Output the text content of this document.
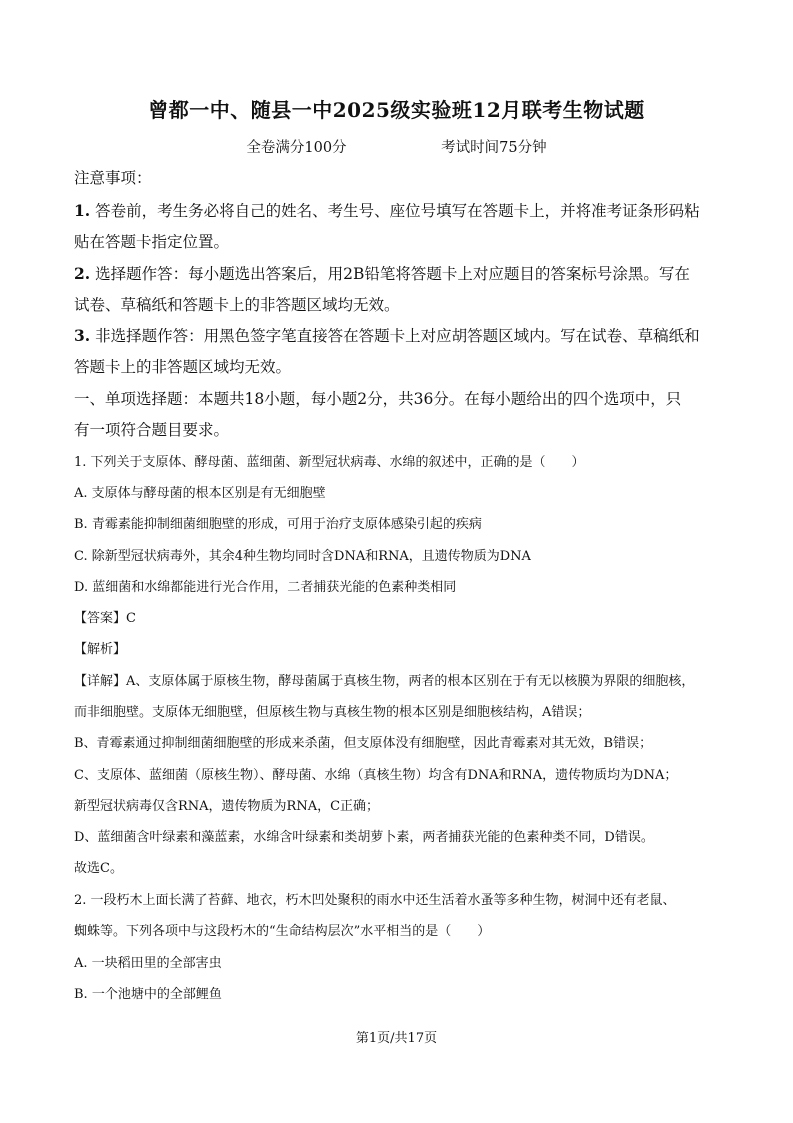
曾都一中、随县一中2025级实验班12月联考生物试题
全卷满分100分	考试时间75分钟
注意事项：
1. 答卷前，考生务必将自己的姓名、考生号、座位号填写在答题卡上，并将准考证条形码粘
贴在答题卡指定位置。
2. 选择题作答：每小题选出答案后，用2B铅笔将答题卡上对应题目的答案标号涂黑。写在
试卷、草稿纸和答题卡上的非答题区域均无效。
3. 非选择题作答：用黑色签字笔直接答在答题卡上对应胡答题区域内。写在试卷、草稿纸和
答题卡上的非答题区域均无效。
一、单项选择题：本题共18小题，每小题2分，共36分。在每小题给出的四个选项中，只
有一项符合题目要求。
1. 下列关于支原体、酵母菌、蓝细菌、新型冠状病毒、水绵的叙述中，正确的是（　　）
A. 支原体与酵母菌的根本区别是有无细胞壁
B. 青霉素能抑制细菌细胞壁的形成，可用于治疗支原体感染引起的疾病
C. 除新型冠状病毒外，其余4种生物均同时含DNA和RNA，且遗传物质为DNA
D. 蓝细菌和水绵都能进行光合作用，二者捕获光能的色素种类相同
【答案】C
【解析】
【详解】A、支原体属于原核生物，酵母菌属于真核生物，两者的根本区别在于有无以核膜为界限的细胞核，
而非细胞壁。支原体无细胞壁，但原核生物与真核生物的根本区别是细胞核结构，A错误；
B、青霉素通过抑制细菌细胞壁的形成来杀菌，但支原体没有细胞壁，因此青霉素对其无效，B错误；
C、支原体、蓝细菌（原核生物）、酵母菌、水绵（真核生物）均含有DNA和RNA，遗传物质均为DNA；
新型冠状病毒仅含RNA，遗传物质为RNA，C正确；
D、蓝细菌含叶绿素和藻蓝素，水绵含叶绿素和类胡萝卜素，两者捕获光能的色素种类不同，D错误。
故选C。
2. 一段朽木上面长满了苔藓、地衣，朽木凹处聚积的雨水中还生活着水蚤等多种生物，树洞中还有老鼠、
蜘蛛等。下列各项中与这段朽木的“生命结构层次”水平相当的是（　　）
A. 一块稻田里的全部害虫
B. 一个池塘中的全部鲤鱼
第1页/共17页
